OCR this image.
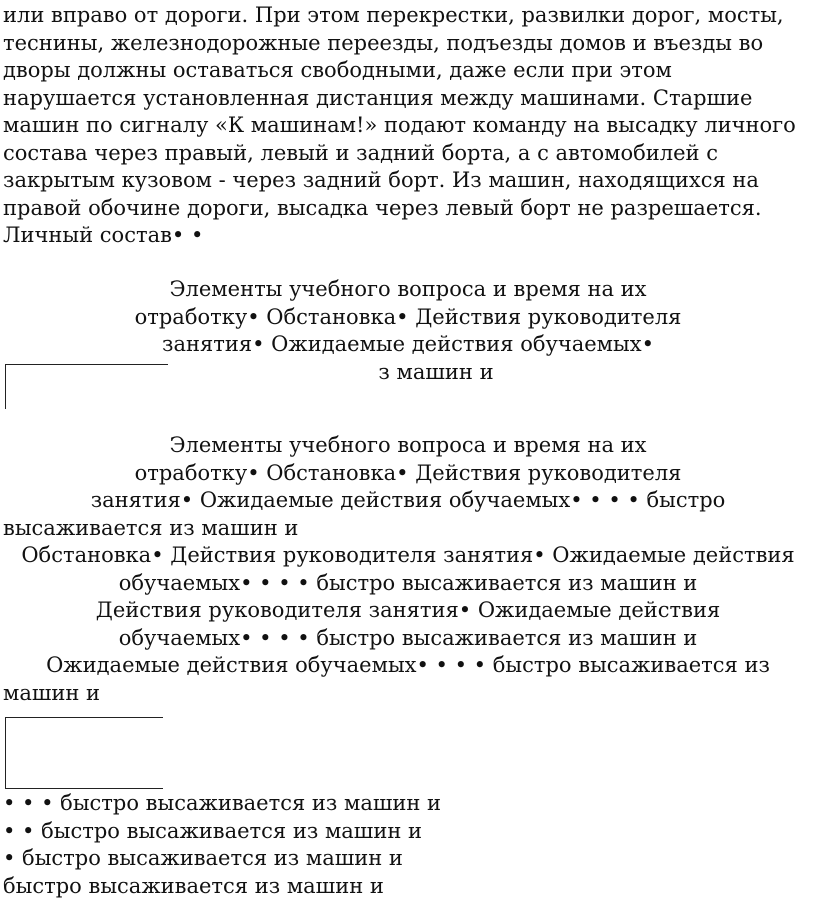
или вправо от дороги. При этом перекрестки, развилки дорог, мосты,
теснины, железнодорожные переезды, подъезды домов и въезды во
дворы должны оставаться свободными, даже если при этом
нарушается установленная дистанция между машинами. Старшие
машин по сигналу «К машинам!» подают команду на высадку личного
состава через правый, левый и задний борта, а с автомобилей с
закрытым кузовом - через задний борт. Из машин, находящихся на
правой обочине дороги, высадка через левый борт не разрешается.
Личный состав• •
Элементы учебного вопроса и время на их
отработку• Обстановка• Действия руководителя
занятия• Ожидаемые действия обучаемых•
з машин и
Элементы учебного вопроса и время на их
отработку• Обстановка• Действия руководителя
занятия• Ожидаемые действия обучаемых• • • • быстро
высаживается из машин и
Обстановка• Действия руководителя занятия• Ожидаемые действия
обучаемых• • • • быстро высаживается из машин и
Действия руководителя занятия• Ожидаемые действия
обучаемых• • • • быстро высаживается из машин и
Ожидаемые действия обучаемых• • • • быстро высаживается из
машин и
• • • быстро высаживается из машин и
• • быстро высаживается из машин и
• быстро высаживается из машин и
быстро высаживается из машин и
